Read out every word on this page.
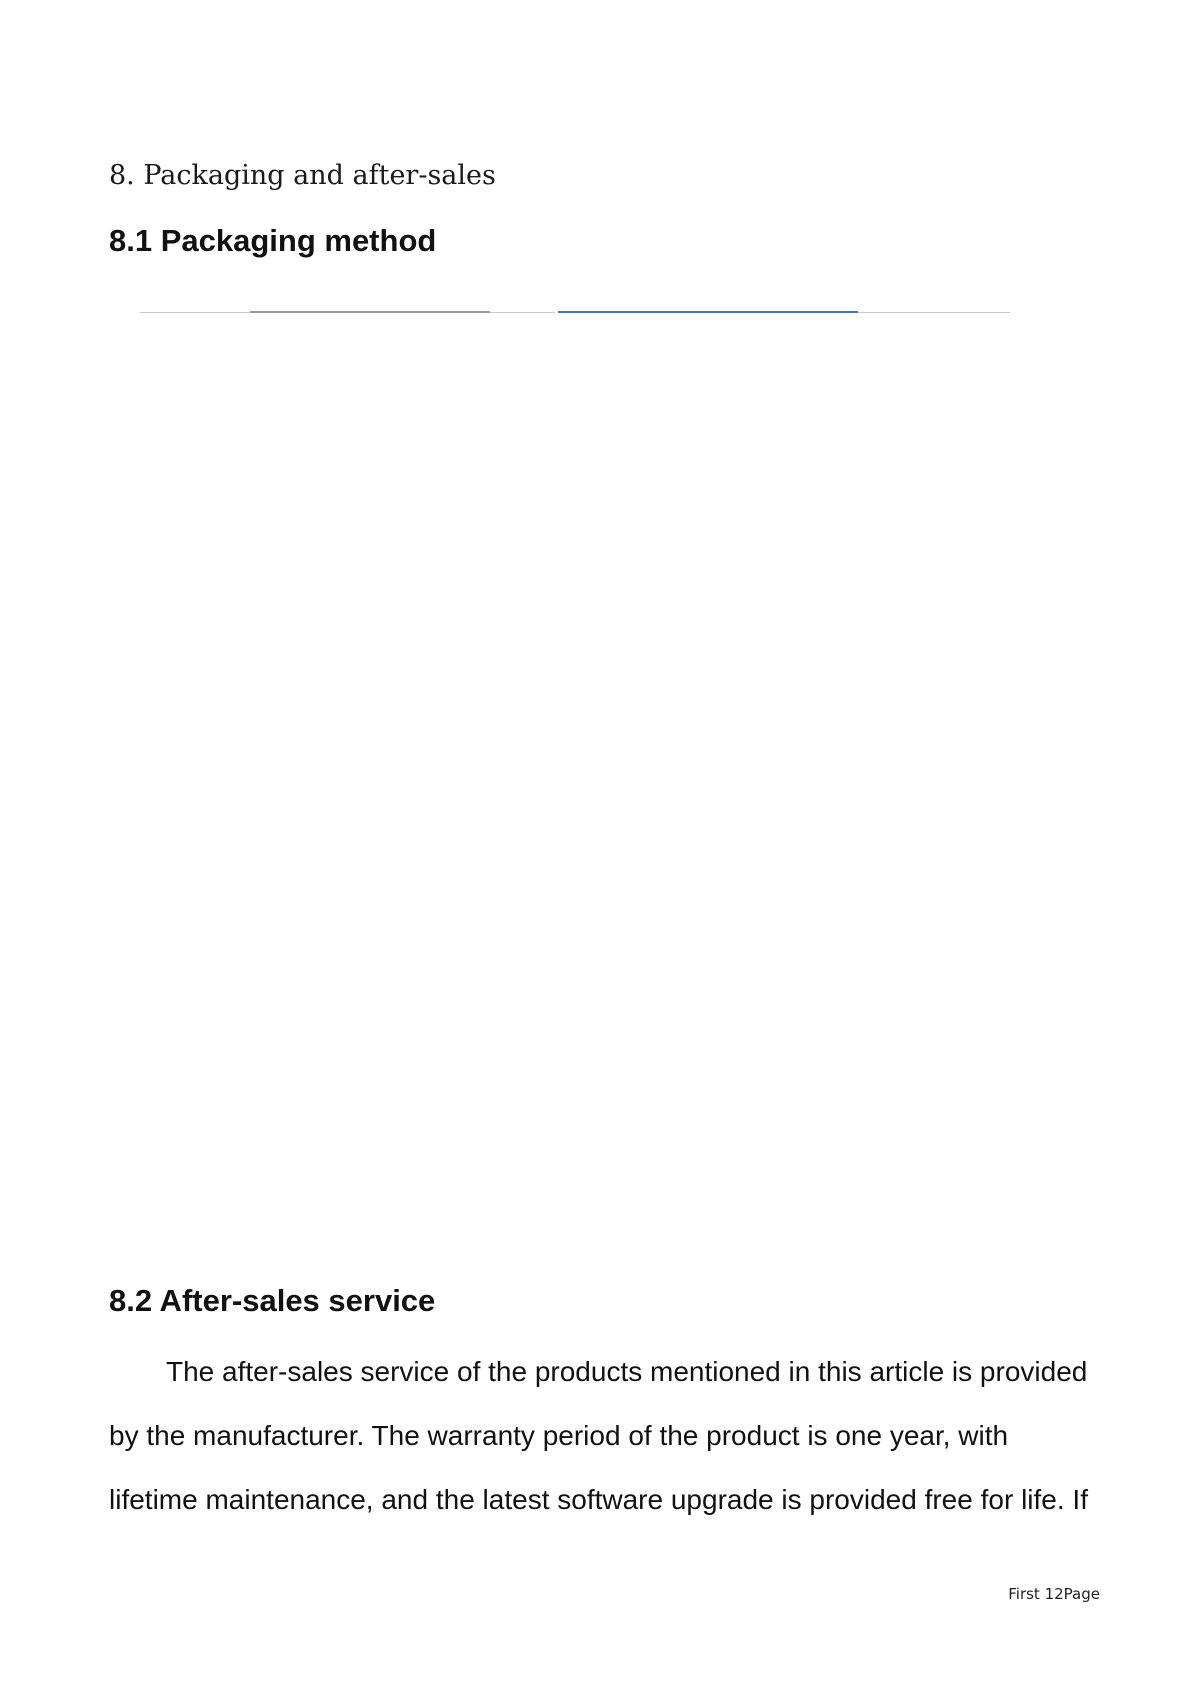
8. Packaging and after-sales
8.1 Packaging method
8.2 After-sales service
The after-sales service of the products mentioned in this article is provided
by the manufacturer. The warranty period of the product is one year, with
lifetime maintenance, and the latest software upgrade is provided free for life. If
First 12Page
